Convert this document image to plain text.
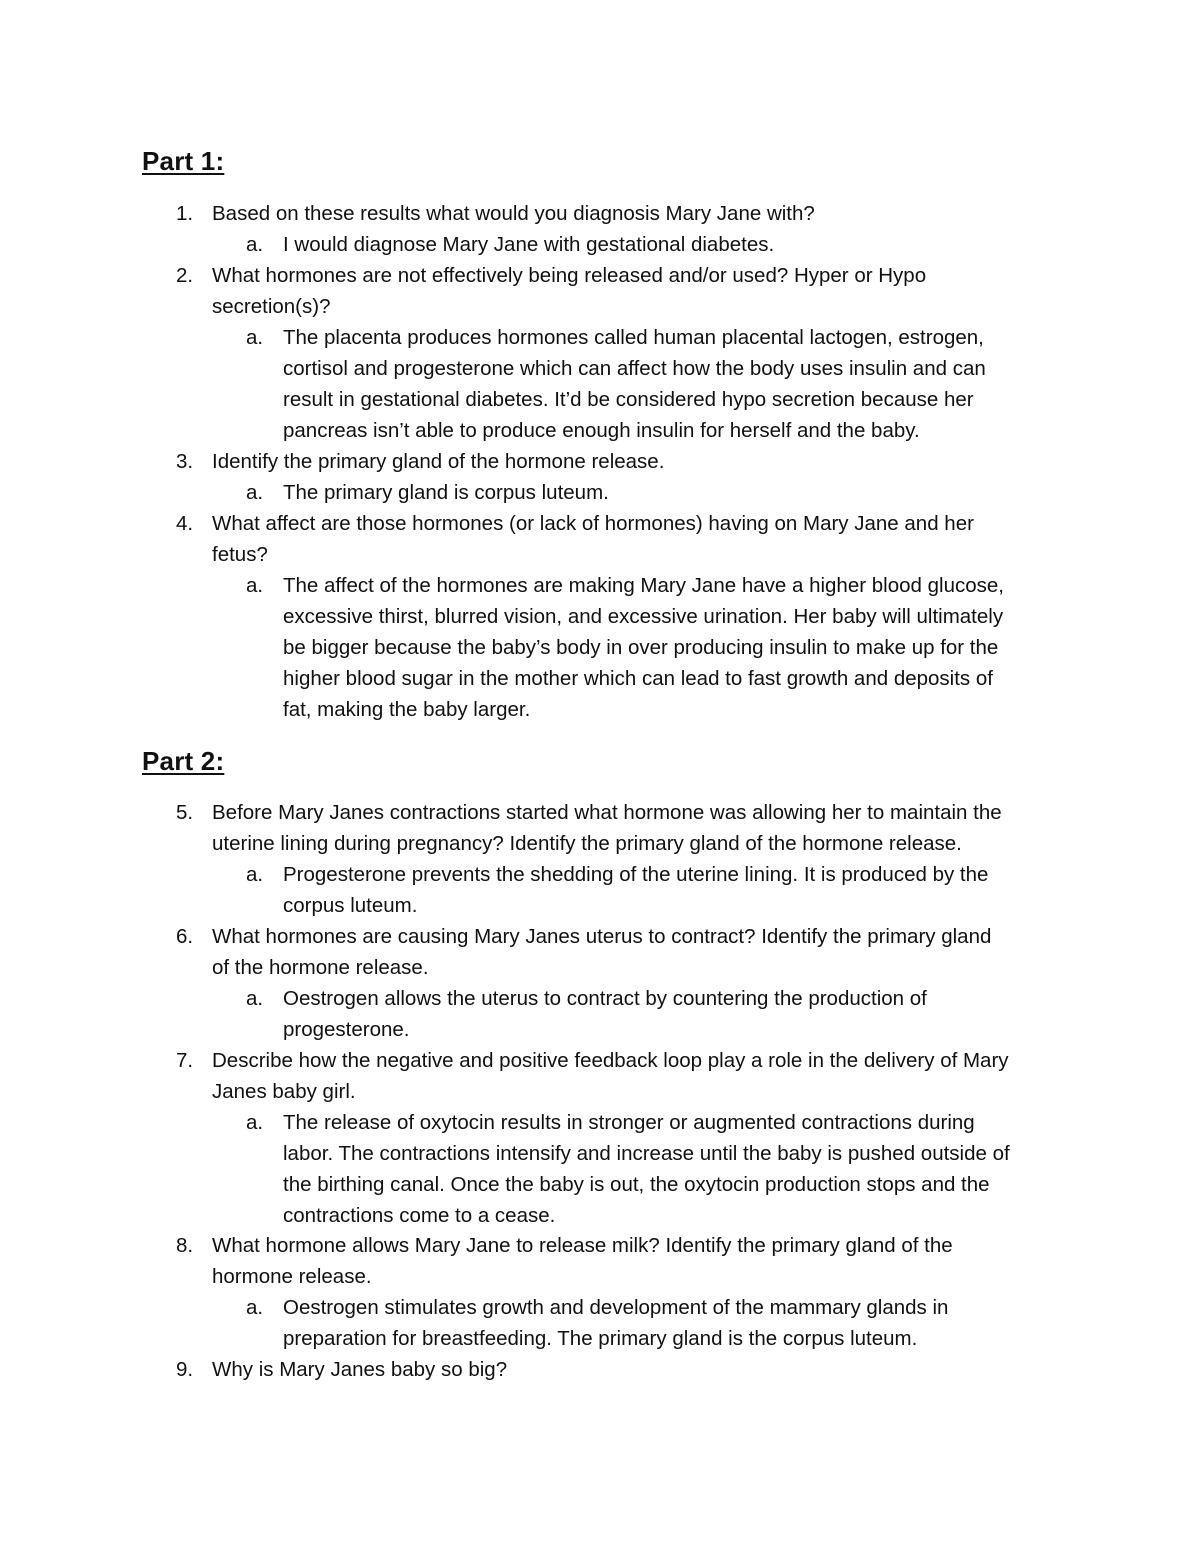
Part 1:
1. Based on these results what would you diagnosis Mary Jane with?
a. I would diagnose Mary Jane with gestational diabetes.
2. What hormones are not effectively being released and/or used? Hyper or Hypo
secretion(s)?
a. The placenta produces hormones called human placental lactogen, estrogen,
cortisol and progesterone which can affect how the body uses insulin and can
result in gestational diabetes. It’d be considered hypo secretion because her
pancreas isn’t able to produce enough insulin for herself and the baby.
3. Identify the primary gland of the hormone release.
a. The primary gland is corpus luteum.
4. What affect are those hormones (or lack of hormones) having on Mary Jane and her
fetus?
a. The affect of the hormones are making Mary Jane have a higher blood glucose,
excessive thirst, blurred vision, and excessive urination. Her baby will ultimately
be bigger because the baby’s body in over producing insulin to make up for the
higher blood sugar in the mother which can lead to fast growth and deposits of
fat, making the baby larger.
Part 2:
5. Before Mary Janes contractions started what hormone was allowing her to maintain the
uterine lining during pregnancy? Identify the primary gland of the hormone release.
a. Progesterone prevents the shedding of the uterine lining. It is produced by the
corpus luteum.
6. What hormones are causing Mary Janes uterus to contract? Identify the primary gland
of the hormone release.
a. Oestrogen allows the uterus to contract by countering the production of
progesterone.
7. Describe how the negative and positive feedback loop play a role in the delivery of Mary
Janes baby girl.
a. The release of oxytocin results in stronger or augmented contractions during
labor. The contractions intensify and increase until the baby is pushed outside of
the birthing canal. Once the baby is out, the oxytocin production stops and the
contractions come to a cease.
8. What hormone allows Mary Jane to release milk? Identify the primary gland of the
hormone release.
a. Oestrogen stimulates growth and development of the mammary glands in
preparation for breastfeeding. The primary gland is the corpus luteum.
9. Why is Mary Janes baby so big?
